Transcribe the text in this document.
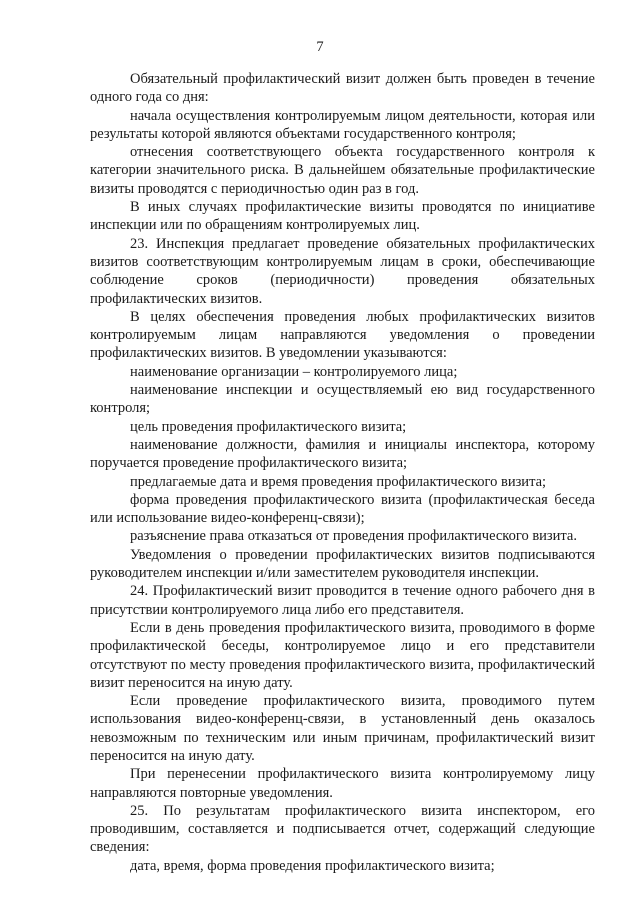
7

Обязательный профилактический визит должен быть проведен в течение одного года со дня:

начала осуществления контролируемым лицом деятельности, которая или результаты которой являются объектами государственного контроля;

отнесения соответствующего объекта государственного контроля к категории значительного риска. В дальнейшем обязательные профилактические визиты проводятся с периодичностью один раз в год.

В иных случаях профилактические визиты проводятся по инициативе инспекции или по обращениям контролируемых лиц.

23. Инспекция предлагает проведение обязательных профилактических визитов соответствующим контролируемым лицам в сроки, обеспечивающие соблюдение сроков (периодичности) проведения обязательных профилактических визитов.

В целях обеспечения проведения любых профилактических визитов контролируемым лицам направляются уведомления о проведении профилактических визитов. В уведомлении указываются:

наименование организации – контролируемого лица;

наименование инспекции и осуществляемый ею вид государственного контроля;

цель проведения профилактического визита;

наименование должности, фамилия и инициалы инспектора, которому поручается проведение профилактического визита;

предлагаемые дата и время проведения профилактического визита;

форма проведения профилактического визита (профилактическая беседа или использование видео-конференц-связи);

разъяснение права отказаться от проведения профилактического визита.

Уведомления о проведении профилактических визитов подписываются руководителем инспекции и/или заместителем руководителя инспекции.

24. Профилактический визит проводится в течение одного рабочего дня в присутствии контролируемого лица либо его представителя.

Если в день проведения профилактического визита, проводимого в форме профилактической беседы, контролируемое лицо и его представители отсутствуют по месту проведения профилактического визита, профилактический визит переносится на иную дату.

Если проведение профилактического визита, проводимого путем использования видео-конференц-связи, в установленный день оказалось невозможным по техническим или иным причинам, профилактический визит переносится на иную дату.

При перенесении профилактического визита контролируемому лицу направляются повторные уведомления.

25. По результатам профилактического визита инспектором, его проводившим, составляется и подписывается отчет, содержащий следующие сведения:

дата, время, форма проведения профилактического визита;
